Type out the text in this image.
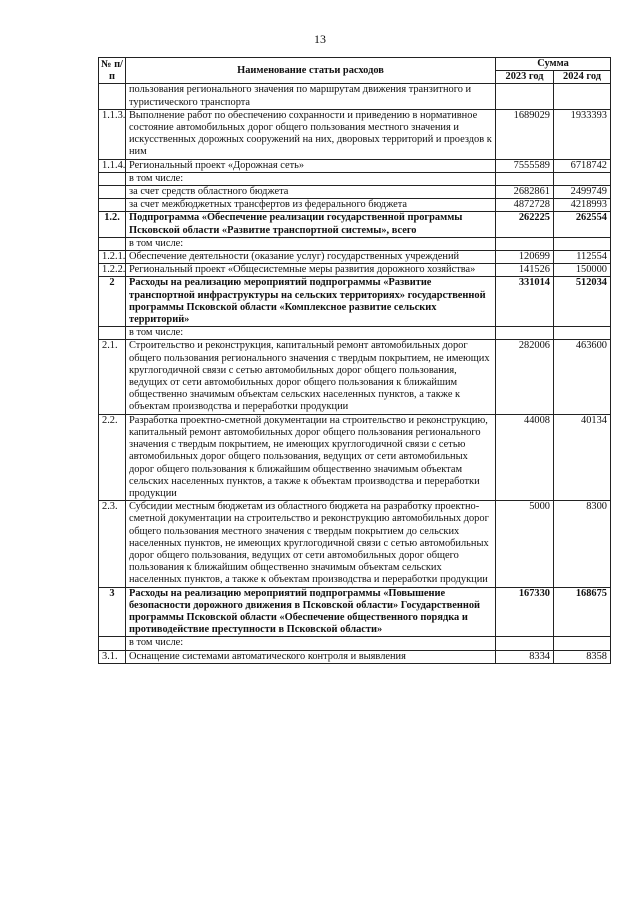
13
№ п/п	Наименование статьи расходов	Сумма	
		2023 год	2024 год
	пользования регионального значения по маршрутам движения транзитного и туристического транспорта		
1.1.3.	Выполнение работ по обеспечению сохранности и приведению в нормативное состояние автомобильных дорог общего пользования местного значения и искусственных дорожных сооружений на них, дворовых территорий и проездов к ним	1689029	1933393
1.1.4.	Региональный проект «Дорожная сеть»	7555589	6718742
	в том числе:		
	за счет средств областного бюджета	2682861	2499749
	за счет межбюджетных трансфертов из федерального бюджета	4872728	4218993
1.2.	Подпрограмма «Обеспечение реализации государственной программы Псковской области «Развитие транспортной системы», всего	262225	262554
	в том числе:		
1.2.1.	Обеспечение деятельности (оказание услуг) государственных учреждений	120699	112554
1.2.2.	Региональный проект «Общесистемные меры развития дорожного хозяйства»	141526	150000
2	Расходы на реализацию мероприятий подпрограммы «Развитие транспортной инфраструктуры на сельских территориях» государственной программы Псковской области «Комплексное развитие сельских территорий»	331014	512034
	в том числе:		
2.1.	Строительство и реконструкция, капитальный ремонт автомобильных дорог общего пользования регионального значения с твердым покрытием, не имеющих круглогодичной связи с сетью автомобильных дорог общего пользования, ведущих от сети автомобильных дорог общего пользования к ближайшим общественно значимым объектам сельских населенных пунктов, а также к объектам производства и переработки продукции	282006	463600
2.2.	Разработка проектно-сметной документации на строительство и реконструкцию, капитальный ремонт автомобильных дорог общего пользования регионального значения с твердым покрытием, не имеющих круглогодичной связи с сетью автомобильных дорог общего пользования, ведущих от сети автомобильных дорог общего пользования к ближайшим общественно значимым объектам сельских населенных пунктов, а также к объектам производства и переработки продукции	44008	40134
2.3.	Субсидии местным бюджетам из областного бюджета на разработку проектно-сметной документации на строительство и реконструкцию автомобильных дорог общего пользования местного значения с твердым покрытием до сельских населенных пунктов, не имеющих круглогодичной связи с сетью автомобильных дорог общего пользования, ведущих от сети автомобильных дорог общего пользования к ближайшим общественно значимым объектам сельских населенных пунктов, а также к объектам производства и переработки продукции	5000	8300
3	Расходы на реализацию мероприятий подпрограммы «Повышение безопасности дорожного движения в Псковской области» Государственной программы Псковской области «Обеспечение общественного порядка и противодействие преступности в Псковской области»	167330	168675
	в том числе:		
3.1.	Оснащение системами автоматического контроля и выявления	8334	8358
